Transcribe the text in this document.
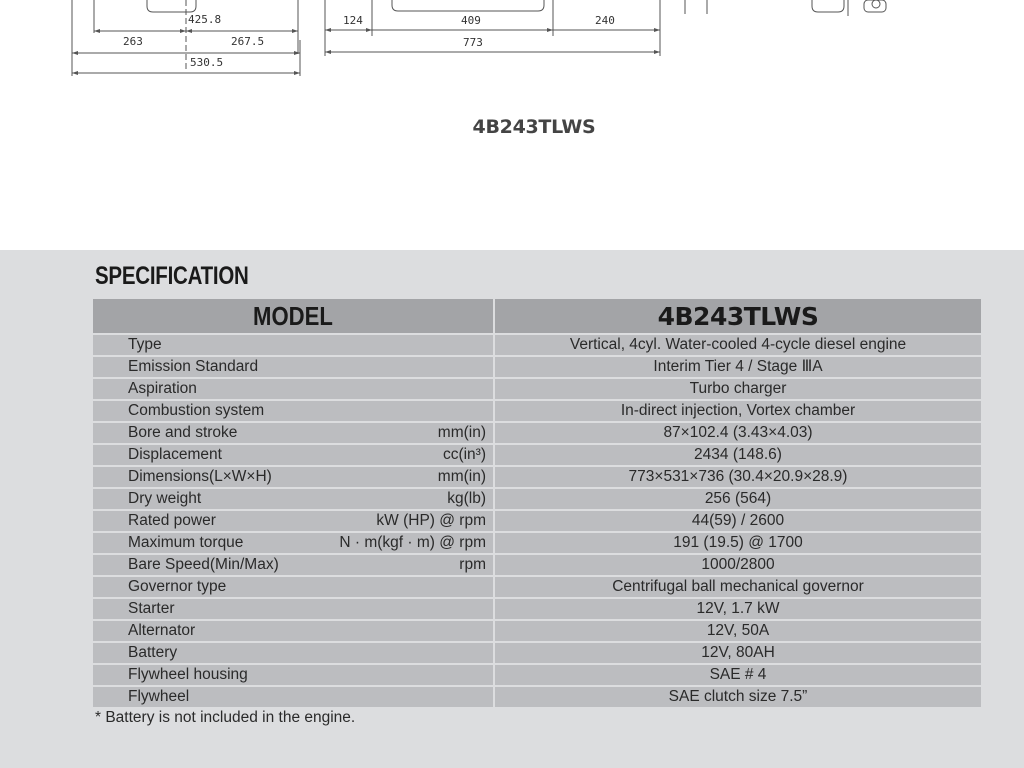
425.8
263	267.5
530.5
124	409	240
773
4B243TLWS
SPECIFICATION
MODEL	4B243TLWS

Type	Vertical, 4cyl. Water-cooled 4-cycle diesel engine

Emission Standard	Interim Tier 4 / Stage ⅢA

Aspiration	Turbo charger

Combustion system	In-direct injection, Vortex chamber

Bore and stroke mm(in)	87×102.4 (3.43×4.03)

Displacement cc(in³)	2434 (148.6)

Dimensions(L×W×H) mm(in)	773×531×736 (30.4×20.9×28.9)

Dry weight kg(lb)	256 (564)

Rated power kW (HP) @ rpm	44(59) / 2600

Maximum torque N · m(kgf · m) @ rpm	191 (19.5) @ 1700

Bare Speed(Min/Max) rpm	1000/2800

Governor type	Centrifugal ball mechanical governor

Starter	12V, 1.7 kW

Alternator	12V, 50A

Battery	12V, 80AH

Flywheel housing	SAE # 4

Flywheel	SAE clutch size 7.5”
* Battery is not included in the engine.
